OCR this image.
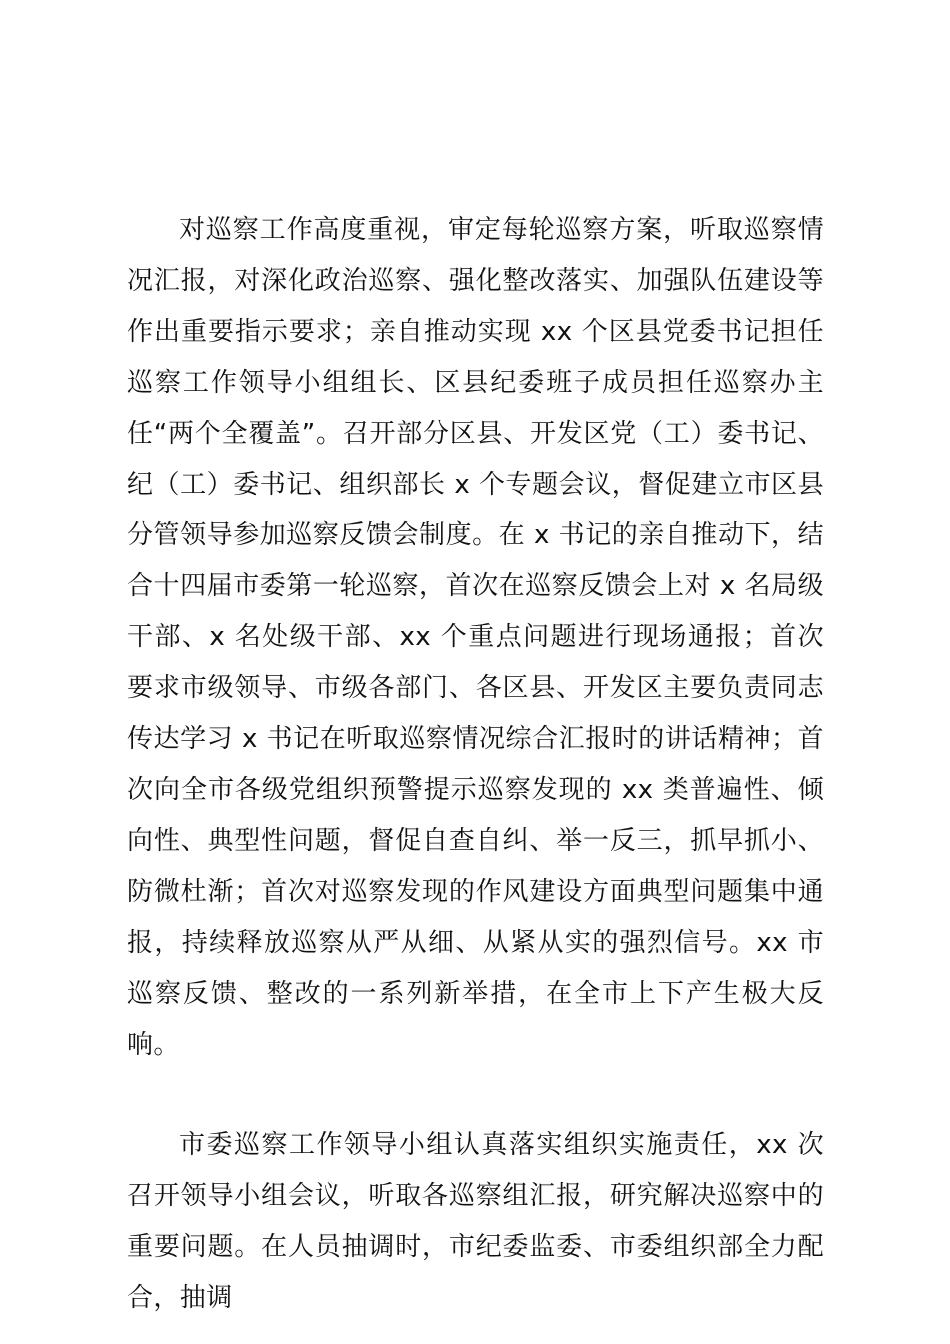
对巡察工作高度重视，审定每轮巡察方案，听取巡察情况汇报，对深化政治巡察、强化整改落实、加强队伍建设等作出重要指示要求；亲自推动实现 xx 个区县党委书记担任巡察工作领导小组组长、区县纪委班子成员担任巡察办主任“两个全覆盖”。召开部分区县、开发区党（工）委书记、纪（工）委书记、组织部长 x 个专题会议，督促建立市区县分管领导参加巡察反馈会制度。在 x 书记的亲自推动下，结合十四届市委第一轮巡察，首次在巡察反馈会上对 x 名局级干部、x 名处级干部、xx 个重点问题进行现场通报；首次要求市级领导、市级各部门、各区县、开发区主要负责同志传达学习 x 书记在听取巡察情况综合汇报时的讲话精神；首次向全市各级党组织预警提示巡察发现的 xx 类普遍性、倾向性、典型性问题，督促自查自纠、举一反三，抓早抓小、防微杜渐；首次对巡察发现的作风建设方面典型问题集中通报，持续释放巡察从严从细、从紧从实的强烈信号。xx 市巡察反馈、整改的一系列新举措，在全市上下产生极大反响。

市委巡察工作领导小组认真落实组织实施责任，xx 次召开领导小组会议，听取各巡察组汇报，研究解决巡察中的重要问题。在人员抽调时，市纪委监委、市委组织部全力配合，抽调
